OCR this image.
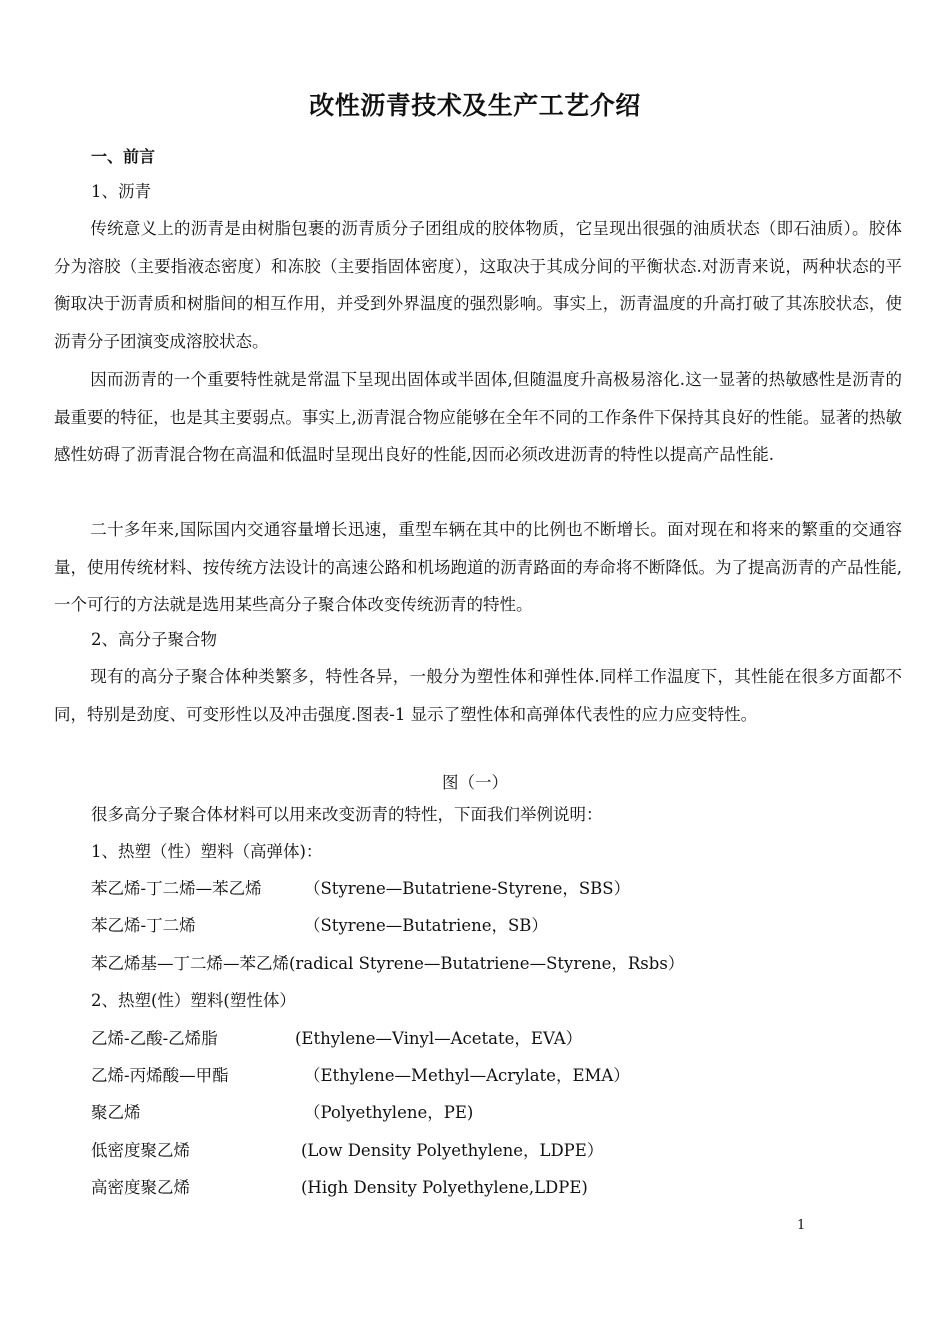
改性沥青技术及生产工艺介绍
一、前言
1、沥青
传统意义上的沥青是由树脂包裹的沥青质分子团组成的胶体物质，它呈现出很强的油质状态（即石油质）。胶体分为溶胶（主要指液态密度）和冻胶（主要指固体密度），这取决于其成分间的平衡状态.对沥青来说，两种状态的平衡取决于沥青质和树脂间的相互作用，并受到外界温度的强烈影响。事实上，沥青温度的升高打破了其冻胶状态，使沥青分子团演变成溶胶状态。
因而沥青的一个重要特性就是常温下呈现出固体或半固体,但随温度升高极易溶化.这一显著的热敏感性是沥青的最重要的特征，也是其主要弱点。事实上,沥青混合物应能够在全年不同的工作条件下保持其良好的性能。显著的热敏感性妨碍了沥青混合物在高温和低温时呈现出良好的性能,因而必须改进沥青的特性以提高产品性能.
二十多年来,国际国内交通容量增长迅速，重型车辆在其中的比例也不断增长。面对现在和将来的繁重的交通容量，使用传统材料、按传统方法设计的高速公路和机场跑道的沥青路面的寿命将不断降低。为了提高沥青的产品性能,一个可行的方法就是选用某些高分子聚合体改变传统沥青的特性。
2、高分子聚合物
现有的高分子聚合体种类繁多，特性各异，一般分为塑性体和弹性体.同样工作温度下，其性能在很多方面都不同，特别是劲度、可变形性以及冲击强度.图表-1 显示了塑性体和高弹体代表性的应力应变特性。
图（一）
很多高分子聚合体材料可以用来改变沥青的特性，下面我们举例说明：
1、热塑（性）塑料（高弹体)：
苯乙烯-丁二烯—苯乙烯	（Styrene—Butatriene-Styrene，SBS）
苯乙烯-丁二烯	（Styrene—Butatriene，SB）
苯乙烯基—丁二烯—苯乙烯(radical Styrene—Butatriene—Styrene，Rsbs）
2、热塑(性）塑料(塑性体）
乙烯-乙酸-乙烯脂	(Ethylene—Vinyl—Acetate，EVA）
乙烯-丙烯酸—甲酯	（Ethylene—Methyl—Acrylate，EMA）
聚乙烯	（Polyethylene，PE)
低密度聚乙烯	(Low Density Polyethylene，LDPE）
高密度聚乙烯	(High Density Polyethylene,LDPE)
1
